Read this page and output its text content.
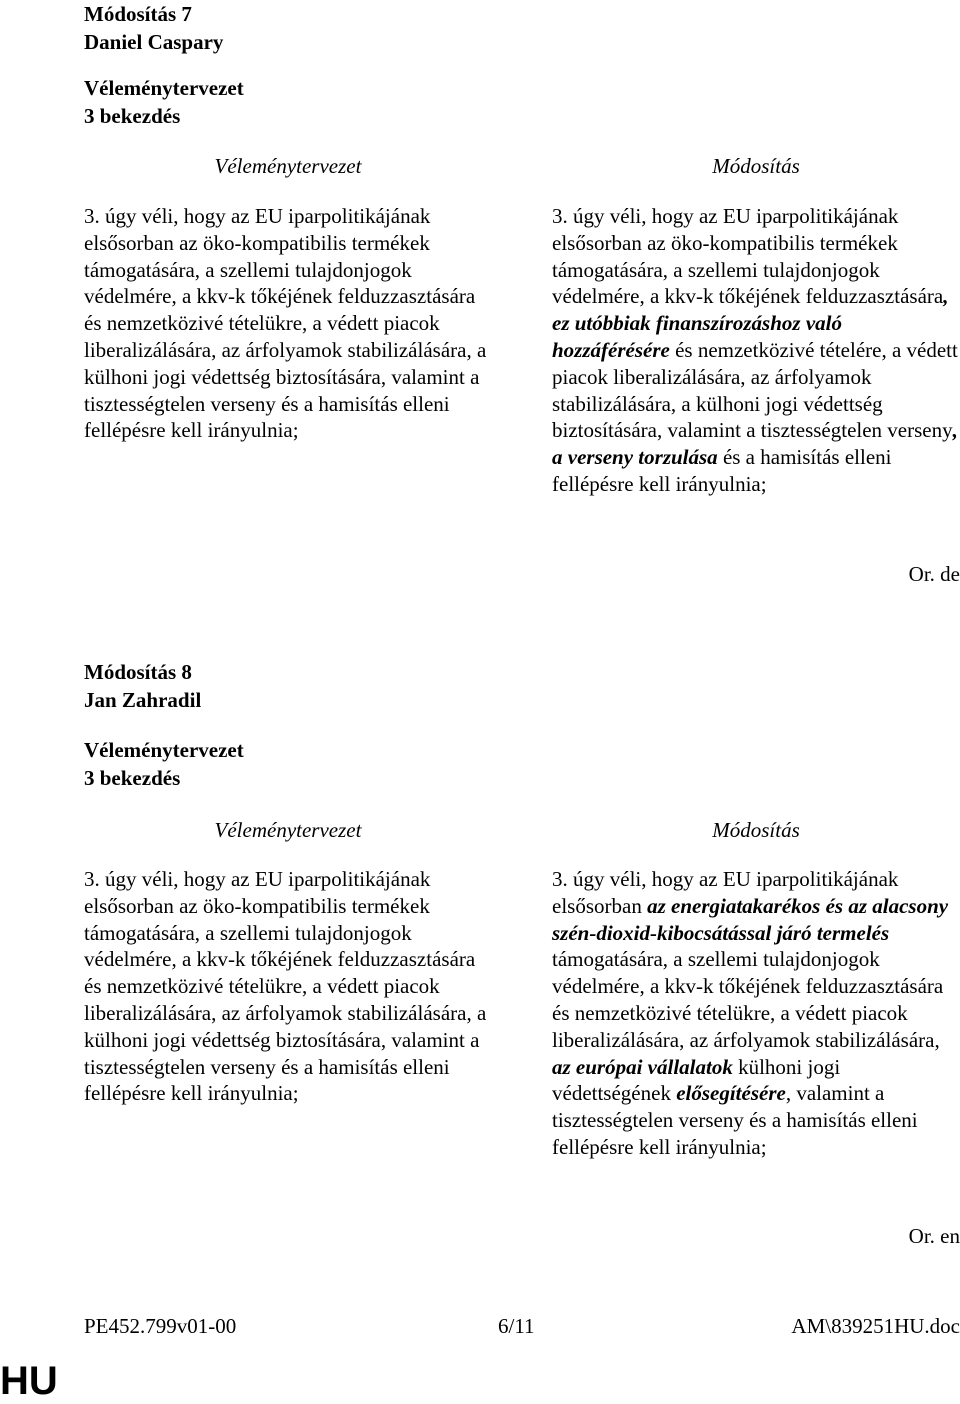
Módosítás 7
Daniel Caspary
Véleménytervezet
3 bekezdés
Véleménytervezet	Módosítás

3. úgy véli, hogy az EU iparpolitikájának elsősorban az öko-kompatibilis termékek támogatására, a szellemi tulajdonjogok védelmére, a kkv-k tőkéjének felduzzasztására és nemzetközivé tételükre, a védett piacok liberalizálására, az árfolyamok stabilizálására, a külhoni jogi védettség biztosítására, valamint a tisztességtelen verseny és a hamisítás elleni fellépésre kell irányulnia;

3. úgy véli, hogy az EU iparpolitikájának elsősorban az öko-kompatibilis termékek támogatására, a szellemi tulajdonjogok védelmére, a kkv-k tőkéjének felduzzasztására, ez utóbbiak finanszírozáshoz való hozzáférésére és nemzetközivé tételére, a védett piacok liberalizálására, az árfolyamok stabilizálására, a külhoni jogi védettség biztosítására, valamint a tisztességtelen verseny, a verseny torzulása és a hamisítás elleni fellépésre kell irányulnia;

Or. de
Módosítás 8
Jan Zahradil
Véleménytervezet
3 bekezdés
Véleménytervezet	Módosítás

3. úgy véli, hogy az EU iparpolitikájának elsősorban az öko-kompatibilis termékek támogatására, a szellemi tulajdonjogok védelmére, a kkv-k tőkéjének felduzzasztására és nemzetközivé tételükre, a védett piacok liberalizálására, az árfolyamok stabilizálására, a külhoni jogi védettség biztosítására, valamint a tisztességtelen verseny és a hamisítás elleni fellépésre kell irányulnia;

3. úgy véli, hogy az EU iparpolitikájának elsősorban az energiatakarékos és az alacsony szén-dioxid-kibocsátással járó termelés támogatására, a szellemi tulajdonjogok védelmére, a kkv-k tőkéjének felduzzasztására és nemzetközivé tételükre, a védett piacok liberalizálására, az árfolyamok stabilizálására, az európai vállalatok külhoni jogi védettségének elősegítésére, valamint a tisztességtelen verseny és a hamisítás elleni fellépésre kell irányulnia;

Or. en
PE452.799v01-00	6/11	AM\839251HU.doc
HU
